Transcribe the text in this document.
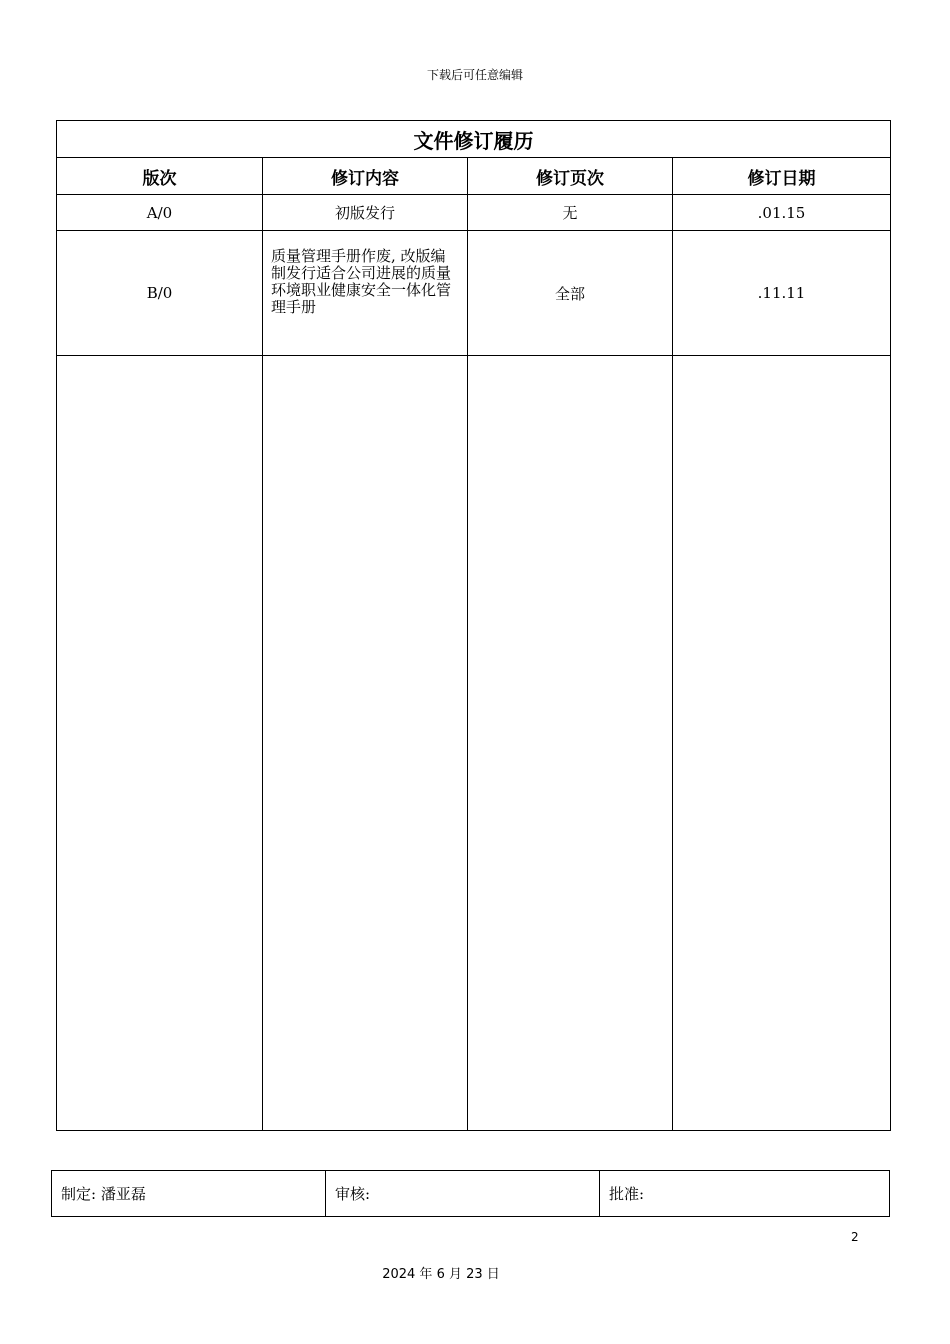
下载后可任意编辑
文件修订履历			
版次	修订内容	修订页次	修订日期
A/0	初版发行	无	.01.15
B/0	质量管理手册作废, 改版编制发行适合公司进展的质量环境职业健康安全一体化管理手册	全部	.11.11

制定: 潘亚磊	审核:	批准:
2
2024 年 6 月 23 日
